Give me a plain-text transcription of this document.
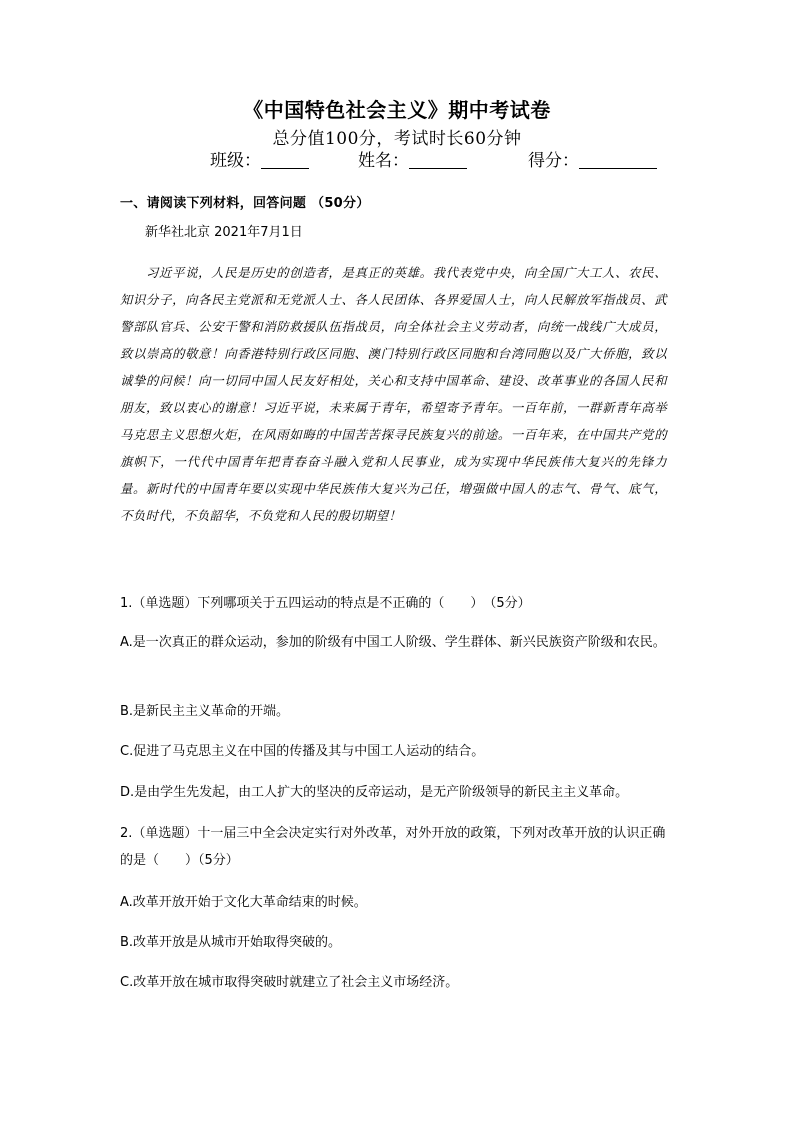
《中国特色社会主义》期中考试卷
总分值100分，考试时长60分钟
班级：	姓名：	得分：
一、请阅读下列材料，回答问题 （50分）
新华社北京 2021年7月1日

习近平说，人民是历史的创造者，是真正的英雄。我代表党中央，向全国广大工人、农民、知识分子，向各民主党派和无党派人士、各人民团体、各界爱国人士，向人民解放军指战员、武警部队官兵、公安干警和消防救援队伍指战员，向全体社会主义劳动者，向统一战线广大成员，致以崇高的敬意！向香港特别行政区同胞、澳门特别行政区同胞和台湾同胞以及广大侨胞，致以诚挚的问候！向一切同中国人民友好相处，关心和支持中国革命、建设、改革事业的各国人民和朋友，致以衷心的谢意！习近平说，未来属于青年，希望寄予青年。一百年前，一群新青年高举马克思主义思想火炬，在风雨如晦的中国苦苦探寻民族复兴的前途。一百年来，在中国共产党的旗帜下，一代代中国青年把青春奋斗融入党和人民事业，成为实现中华民族伟大复兴的先锋力量。新时代的中国青年要以实现中华民族伟大复兴为己任，增强做中国人的志气、骨气、底气，不负时代，不负韶华，不负党和人民的殷切期望！

1.（单选题）下列哪项关于五四运动的特点是不正确的（　　）　（5分）

A.是一次真正的群众运动，参加的阶级有中国工人阶级、学生群体、新兴民族资产阶级和农民。

B.是新民主主义革命的开端。

C.促进了马克思主义在中国的传播及其与中国工人运动的结合。

D.是由学生先发起，由工人扩大的坚决的反帝运动，是无产阶级领导的新民主主义革命。

2.（单选题）十一届三中全会决定实行对外改革，对外开放的政策，下列对改革开放的认识正确的是（　　）（5分）

A.改革开放开始于文化大革命结束的时候。

B.改革开放是从城市开始取得突破的。

C.改革开放在城市取得突破时就建立了社会主义市场经济。
